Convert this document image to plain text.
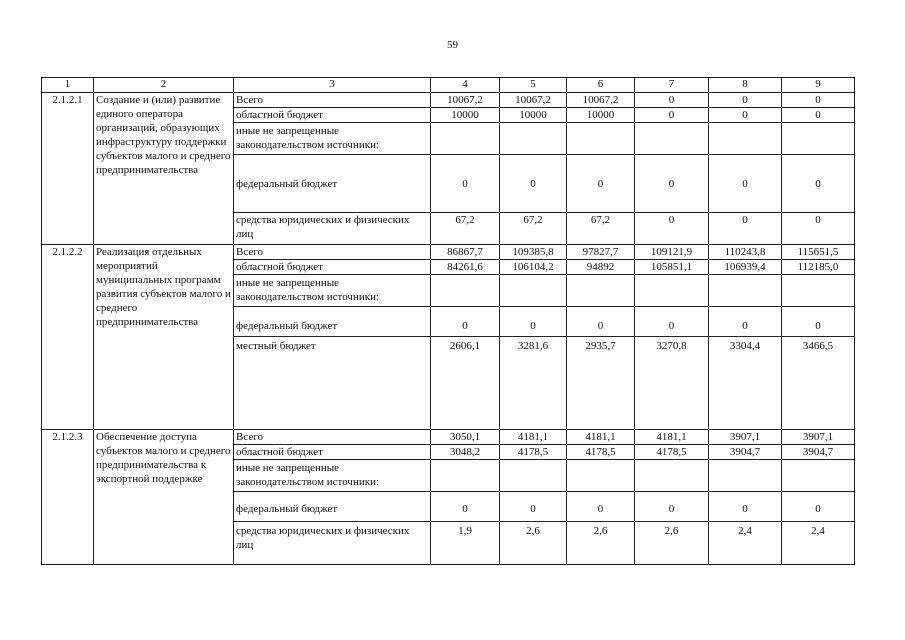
59
1	2	3	4	5	6	7	8	9
2.1.2.1	Создание и (или) развитие единого оператора организаций, образующих инфраструктуру поддержки субъектов малого и среднего предпринимательства	Всего	10067,2	10067,2	10067,2	0	0	0
		областной бюджет	10000	10000	10000	0	0	0
		иные не запрещенные законодательством источники:						
		федеральный бюджет	0	0	0	0	0	0
		средства юридических и физических лиц	67,2	67,2	67,2	0	0	0
2.1.2.2	Реализация отдельных мероприятий муниципальных программ развития субъектов малого и среднего предпринимательства	Всего	86867,7	109385,8	97827,7	109121,9	110243,8	115651,5
		областной бюджет	84261,6	106104,2	94892	105851,1	106939,4	112185,0
		иные не запрещенные законодательством источники:						
		федеральный бюджет	0	0	0	0	0	0
		местный бюджет	2606,1	3281,6	2935,7	3270,8	3304,4	3466,5
2.1.2.3	Обеспечение доступа субъектов малого и среднего предпринимательства к экспортной поддержке	Всего	3050,1	4181,1	4181,1	4181,1	3907,1	3907,1
		областной бюджет	3048,2	4178,5	4178,5	4178,5	3904,7	3904,7
		иные не запрещенные законодательством источники:						
		федеральный бюджет	0	0	0	0	0	0
		средства юридических и физических лиц	1,9	2,6	2,6	2,6	2,4	2,4
